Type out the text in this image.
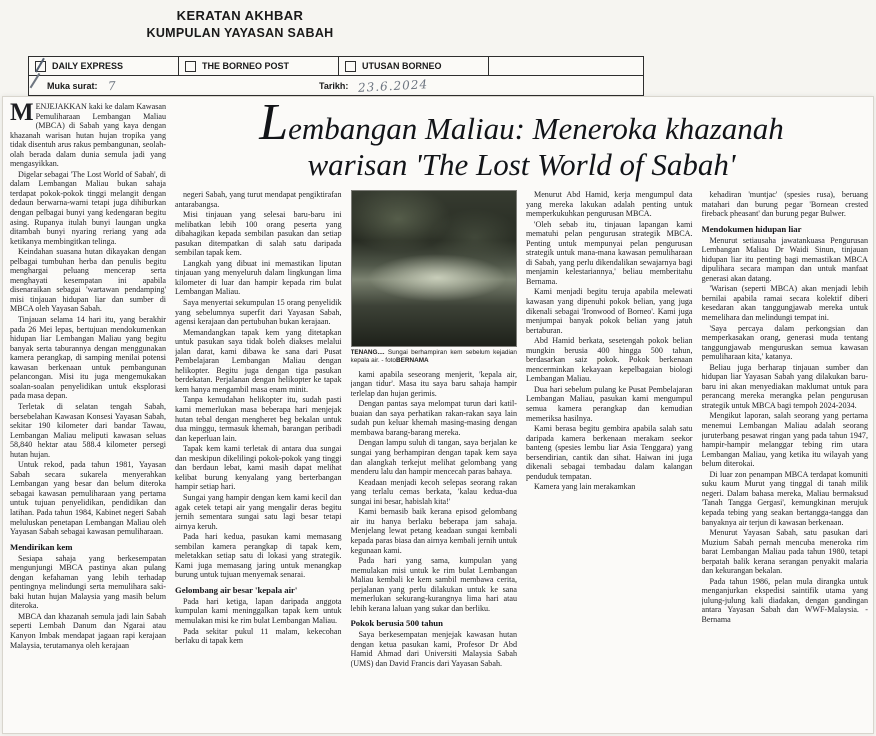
KERATAN AKHBAR
KUMPULAN YAYASAN SABAH
DAILY EXPRESS	THE BORNEO POST	UTUSAN BORNEO
Muka surat: 7	Tarikh: 23.6.2024

MENJEJAKKAN kaki ke dalam Kawasan Pemuliharaan Lembangan Maliau (MBCA) di Sabah yang kaya dengan khazanah warisan hutan hujan tropika yang tidak disentuh arus rakus pembangunan, seolah-olah berada dalam dunia semula jadi yang mengasyikkan.

Digelar sebagai 'The Lost World of Sabah', di dalam Lembangan Maliau bukan sahaja terdapat pokok-pokok tinggi melangit dengan dedaun berwarna-warni tetapi juga dihiburkan dengan pelbagai bunyi yang kedengaran begitu asing. Rupanya itulah bunyi laungan ungka ditambah bunyi nyaring reriang yang ada ketikanya membingitkan telinga.

Keindahan suasana hutan dikayakan dengan pelbagai tumbuhan herba dan penulis begitu menghargai peluang mencerap serta menghayati kesempatan ini apabila disenaraikan sebagai 'wartawan pendamping' misi tinjauan hidupan liar dan sumber di MBCA oleh Yayasan Sabah.

Tinjauan selama 14 hari itu, yang berakhir pada 26 Mei lepas, bertujuan mendokumenkan hidupan liar Lembangan Maliau yang begitu banyak serta taburannya dengan menggunakan kamera perangkap, di samping menilai potensi kawasan berkenaan untuk pembangunan pelancongan. Misi itu juga mengemukakan soalan-soalan penyelidikan untuk eksplorasi pada masa depan.

Terletak di selatan tengah Sabah, bersebelahan Kawasan Konsesi Yayasan Sabah, sekitar 190 kilometer dari bandar Tawau, Lembangan Maliau meliputi kawasan seluas 58,840 hektar atau 588.4 kilometer persegi hutan hujan.

Untuk rekod, pada tahun 1981, Yayasan Sabah secara sukarela menyerahkan Lembangan yang besar dan belum diteroka sebagai kawasan pemuliharaan yang pertama untuk tujuan penyelidikan, pendidikan dan latihan. Pada tahun 1984, Kabinet negeri Sabah meluluskan penetapan Lembangan Maliau oleh Yayasan Sabah sebagai kawasan pemuliharaan.

Mendirikan kem

Sesiapa sahaja yang berkesempatan mengunjungi MBCA pastinya akan pulang dengan kefahaman yang lebih terhadap pentingnya melindungi serta memulihara saki-baki hutan hujan Malaysia yang masih belum diteroka.

MBCA dan khazanah semula jadi lain Sabah seperti Lembah Danum dan Ngarai atau Kanyon Imbak mendapat jagaan rapi kerajaan Malaysia, terutamanya oleh kerajaan

Lembangan Maliau: Meneroka khazanah
warisan 'The Lost World of Sabah'

negeri Sabah, yang turut mendapat pengiktirafan antarabangsa.

Misi tinjauan yang selesai baru-baru ini melibatkan lebih 100 orang peserta yang dibahagikan kepada sembilan pasukan dan setiap pasukan ditempatkan di salah satu daripada sembilan tapak kem.

Langkah yang dibuat ini memastikan liputan tinjauan yang menyeluruh dalam lingkungan lima kilometer di luar dan hampir kepada rim bulat Lembangan Maliau.

Saya menyertai sekumpulan 15 orang penyelidik yang sebelumnya superfit dari Yayasan Sabah, agensi kerajaan dan pertubuhan bukan kerajaan.

Memandangkan tapak kem yang ditetapkan untuk pasukan saya tidak boleh diakses melalui jalan darat, kami dibawa ke sana dari Pusat Pembelajaran Lembangan Maliau dengan helikopter. Begitu juga dengan tiga pasukan berdekatan. Perjalanan dengan helikopter ke tapak kem hanya mengambil masa enam minit.

Tanpa kemudahan helikopter itu, sudah pasti kami memerlukan masa beberapa hari menjejak hutan tebal dengan mengheret beg bekalan untuk dua minggu, termasuk khemah, barangan peribadi dan keperluan lain.

Tapak kem kami terletak di antara dua sungai dan meskipun dikelilingi pokok-pokok yang tinggi dan berdaun lebat, kami masih dapat melihat kelibat burung kenyalang yang berterbangan hampir setiap hari.

Sungai yang hampir dengan kem kami kecil dan agak cetek tetapi air yang mengalir deras begitu jernih sementara sungai satu lagi besar tetapi airnya keruh.

Pada hari kedua, pasukan kami memasang sembilan kamera perangkap di tapak kem, meletakkan setiap satu di lokasi yang strategik. Kami juga memasang jaring untuk menangkap burung untuk tujuan menyemak senarai.

Gelombang air besar 'kepala air'

Pada hari ketiga, lapan daripada anggota kumpulan kami meninggalkan tapak kem untuk memulakan misi ke rim bulat Lembangan Maliau.

Pada sekitar pukul 11 malam, kekecohan berlaku di tapak kem

TENANG.... Sungai berhampiran kem sebelum kejadian kepala air. - fotoBERNAMA

kami apabila seseorang menjerit, 'kepala air, jangan tidur'. Masa itu saya baru sahaja hampir terlelap dan hujan gerimis.

Dengan pantas saya melompat turun dari katil-buaian dan saya perhatikan rakan-rakan saya lain sudah pun keluar khemah masing-masing dengan membawa barang-barang mereka.

Dengan lampu suluh di tangan, saya berjalan ke sungai yang berhampiran dengan tapak kem saya dan alangkah terkejut melihat gelombang yang menderu lalu dan hampir mencecah paras bahaya.

Keadaan menjadi kecoh selepas seorang rakan yang terlalu cemas berkata, 'kalau kedua-dua sungai ini besar, habislah kita!'

Kami bernasib baik kerana episod gelombang air itu hanya berlaku beberapa jam sahaja. Menjelang lewat petang keadaan sungai kembali kepada paras biasa dan airnya kembali jernih untuk kegunaan kami.

Pada hari yang sama, kumpulan yang memulakan misi untuk ke rim bulat Lembangan Maliau kembali ke kem sambil membawa cerita, perjalanan yang perlu dilakukan untuk ke sana memerlukan sekurang-kurangnya lima hari atau lebih kerana laluan yang sukar dan berliku.

Pokok berusia 500 tahun

Saya berkesempatan menjejak kawasan hutan dengan ketua pasukan kami, Profesor Dr Abd Hamid Ahmad dari Universiti Malaysia Sabah (UMS) dan David Francis dari Yayasan Sabah.

Menurut Abd Hamid, kerja mengumpul data yang mereka lakukan adalah penting untuk memperkukuhkan pengurusan MBCA.

'Oleh sebab itu, tinjauan lapangan kami mematuhi pelan pengurusan strategik MBCA. Penting untuk mempunyai pelan pengurusan strategik untuk mana-mana kawasan pemuliharaan di Sabah, yang perlu dikendalikan sewajarnya bagi menjamin kelestariannya,' beliau memberitahu Bernama.

Kami menjadi begitu teruja apabila melewati kawasan yang dipenuhi pokok belian, yang juga dikenali sebagai 'Ironwood of Borneo'. Kami juga menjumpai banyak pokok belian yang jatuh bertaburan.

Abd Hamid berkata, sesetengah pokok belian mungkin berusia 400 hingga 500 tahun, berdasarkan saiz pokok. Pokok berkenaan mencerminkan kekayaan kepelbagaian biologi Lembangan Maliau.

Dua hari sebelum pulang ke Pusat Pembelajaran Lembangan Maliau, pasukan kami mengumpul semua kamera perangkap dan kemudian memeriksa hasilnya.

Kami berasa begitu gembira apabila salah satu daripada kamera berkenaan merakam seekor banteng (spesies lembu liar Asia Tenggara) yang bersendirian, cantik dan sihat. Haiwan ini juga dikenali sebagai tembadau dalam kalangan penduduk tempatan.

Kamera yang lain merakamkan

kehadiran 'muntjac' (spesies rusa), beruang matahari dan burung pegar 'Bornean crested fireback pheasant' dan burung pegar Bulwer.

Mendokumen hidupan liar

Menurut setiausaha jawatankuasa Pengurusan Lembangan Maliau Dr Waidi Sinun, tinjauan hidupan liar itu penting bagi memastikan MBCA dipulihara secara mampan dan untuk manfaat generasi akan datang.

'Warisan (seperti MBCA) akan menjadi lebih bernilai apabila ramai secara kolektif diberi kesedaran akan tanggungjawab mereka untuk memelihara dan melindungi tempat ini.

'Saya percaya dalam perkongsian dan memperkasakan orang, generasi muda tentang tanggungjawab menguruskan semua kawasan pemuliharaan kita,' katanya.

Beliau juga berharap tinjauan sumber dan hidupan liar Yayasan Sabah yang dilakukan baru-baru ini akan menyediakan maklumat untuk para perancang mereka merangka pelan pengurusan strategik untuk MBCA bagi tempoh 2024-2034.

Mengikut laporan, salah seorang yang pertama menemui Lembangan Maliau adalah seorang juruterbang pesawat ringan yang pada tahun 1947, hampir-hampir melanggar tebing rim utara Lembangan Maliau, yang ketika itu wilayah yang belum diterokai.

Di luar zon penampan MBCA terdapat komuniti suku kaum Murut yang tinggal di tanah milik negeri. Dalam bahasa mereka, Maliau bermaksud 'Tanah Tangga Gergasi', kemungkinan merujuk kepada tebing yang seakan bertangga-tangga dan banyaknya air terjun di kawasan berkenaan.

Menurut Yayasan Sabah, satu pasukan dari Muzium Sabah pernah mencuba meneroka rim barat Lembangan Maliau pada tahun 1980, tetapi berpatah balik kerana serangan penyakit malaria dan kekurangan bekalan.

Pada tahun 1986, pelan mula dirangka untuk menganjurkan ekspedisi saintifik utama yang julung-julung kali diadakan, dengan gandingan antara Yayasan Sabah dan WWF-Malaysia. - Bernama
